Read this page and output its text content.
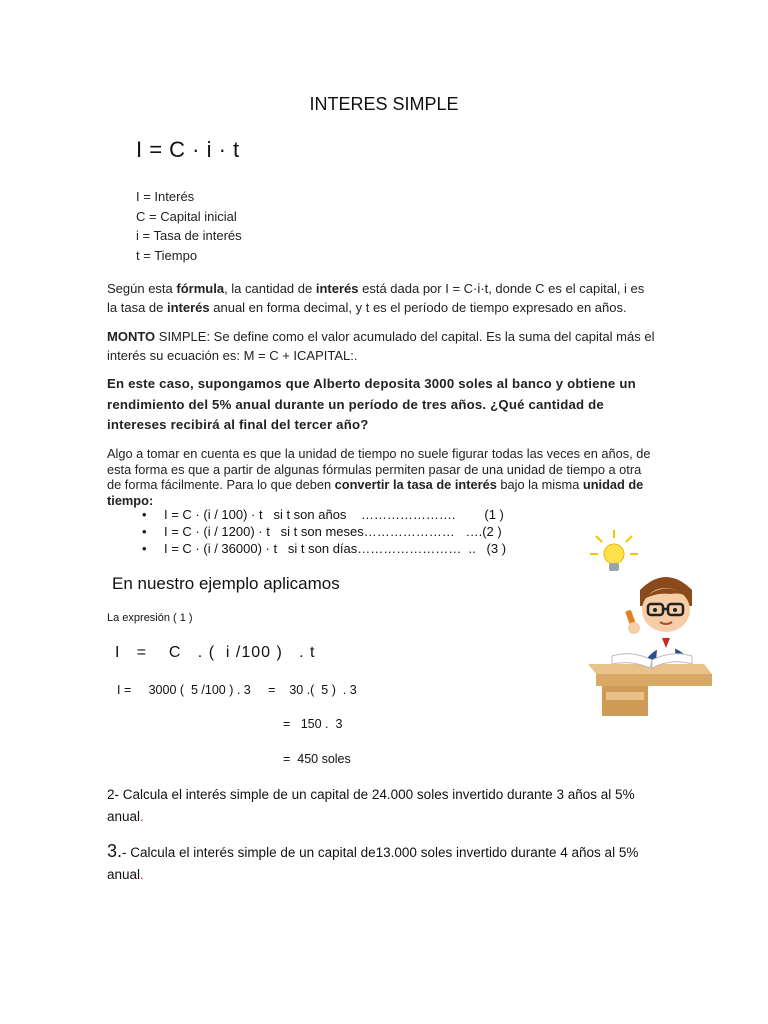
INTERES SIMPLE
I = C · i · t
I = Interés
C = Capital inicial
i = Tasa de interés
t = Tiempo
Según esta fórmula, la cantidad de interés está dada por I = C·i·t, donde C es el capital, i es la tasa de interés anual en forma decimal, y t es el período de tiempo expresado en años.
MONTO SIMPLE: Se define como el valor acumulado del capital. Es la suma del capital más el interés su ecuación es: M = C + ICAPITAL:.
En este caso, supongamos que Alberto deposita 3000 soles al banco y obtiene un rendimiento del 5% anual durante un período de tres años. ¿Qué cantidad de intereses recibirá al final del tercer año?
Algo a tomar en cuenta es que la unidad de tiempo no suele figurar todas las veces en años, de esta forma es que a partir de algunas fórmulas permiten pasar de una unidad de tiempo a otra de forma fácilmente. Para lo que deben convertir la tasa de interés bajo la misma unidad de tiempo:
• I = C · (i / 100) · t   si t son años    ………………….        (1 )
• I = C · (i / 1200) · t   si t son meses…………………   ….(2 )
• I = C · (i / 36000) · t   si t son días……………………  ..   (3 )
En nuestro ejemplo aplicamos
La expresión ( 1 )
I   =    C   . (  i /100 )   . t
I =     3000 (  5 /100 ) . 3     =    30 .(  5 )  . 3
=   150 .  3
=  450 soles
2- Calcula el interés simple de un capital de 24.000 soles invertido durante 3 años al 5% anual.
3.- Calcula el interés simple de un capital de13.000 soles invertido durante 4 años al 5% anual.
